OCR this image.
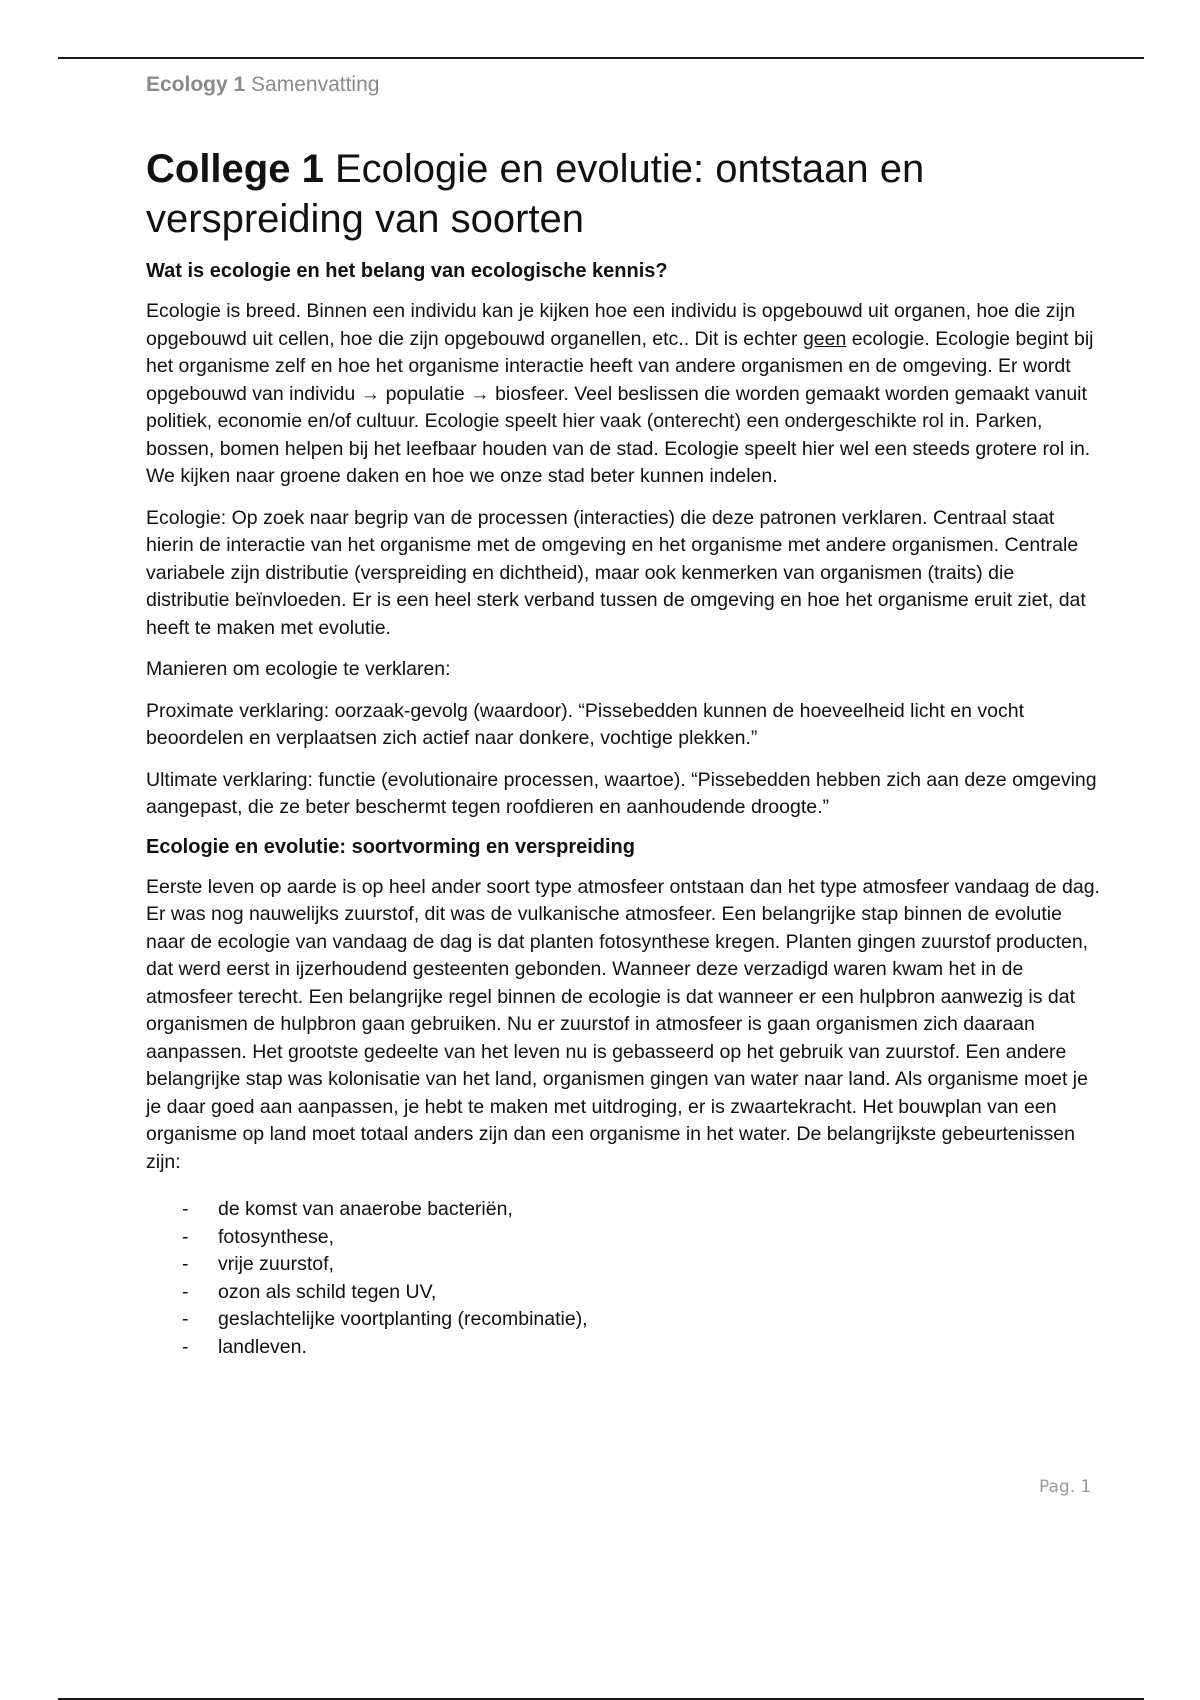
Ecology 1 Samenvatting
College 1 Ecologie en evolutie: ontstaan en verspreiding van soorten
Wat is ecologie en het belang van ecologische kennis?

Ecologie is breed. Binnen een individu kan je kijken hoe een individu is opgebouwd uit organen, hoe die zijn opgebouwd uit cellen, hoe die zijn opgebouwd organellen, etc.. Dit is echter geen ecologie. Ecologie begint bij het organisme zelf en hoe het organisme interactie heeft van andere organismen en de omgeving. Er wordt opgebouwd van individu → populatie → biosfeer. Veel beslissen die worden gemaakt worden gemaakt vanuit politiek, economie en/of cultuur. Ecologie speelt hier vaak (onterecht) een ondergeschikte rol in. Parken, bossen, bomen helpen bij het leefbaar houden van de stad. Ecologie speelt hier wel een steeds grotere rol in. We kijken naar groene daken en hoe we onze stad beter kunnen indelen.

Ecologie: Op zoek naar begrip van de processen (interacties) die deze patronen verklaren. Centraal staat hierin de interactie van het organisme met de omgeving en het organisme met andere organismen. Centrale variabele zijn distributie (verspreiding en dichtheid), maar ook kenmerken van organismen (traits) die distributie beïnvloeden. Er is een heel sterk verband tussen de omgeving en hoe het organisme eruit ziet, dat heeft te maken met evolutie.

Manieren om ecologie te verklaren:

Proximate verklaring: oorzaak-gevolg (waardoor). “Pissebedden kunnen de hoeveelheid licht en vocht beoordelen en verplaatsen zich actief naar donkere, vochtige plekken.”

Ultimate verklaring: functie (evolutionaire processen, waartoe). “Pissebedden hebben zich aan deze omgeving aangepast, die ze beter beschermt tegen roofdieren en aanhoudende droogte.”

Ecologie en evolutie: soortvorming en verspreiding

Eerste leven op aarde is op heel ander soort type atmosfeer ontstaan dan het type atmosfeer vandaag de dag. Er was nog nauwelijks zuurstof, dit was de vulkanische atmosfeer. Een belangrijke stap binnen de evolutie naar de ecologie van vandaag de dag is dat planten fotosynthese kregen. Planten gingen zuurstof producten, dat werd eerst in ijzerhoudend gesteenten gebonden. Wanneer deze verzadigd waren kwam het in de atmosfeer terecht. Een belangrijke regel binnen de ecologie is dat wanneer er een hulpbron aanwezig is dat organismen de hulpbron gaan gebruiken. Nu er zuurstof in atmosfeer is gaan organismen zich daaraan aanpassen. Het grootste gedeelte van het leven nu is gebasseerd op het gebruik van zuurstof. Een andere belangrijke stap was kolonisatie van het land, organismen gingen van water naar land. Als organisme moet je je daar goed aan aanpassen, je hebt te maken met uitdroging, er is zwaartekracht. Het bouwplan van een organisme op land moet totaal anders zijn dan een organisme in het water. De belangrijkste gebeurtenissen zijn:

- de komst van anaerobe bacteriën,
- fotosynthese,
- vrije zuurstof,
- ozon als schild tegen UV,
- geslachtelijke voortplanting (recombinatie),
- landleven.
Pag. 1
